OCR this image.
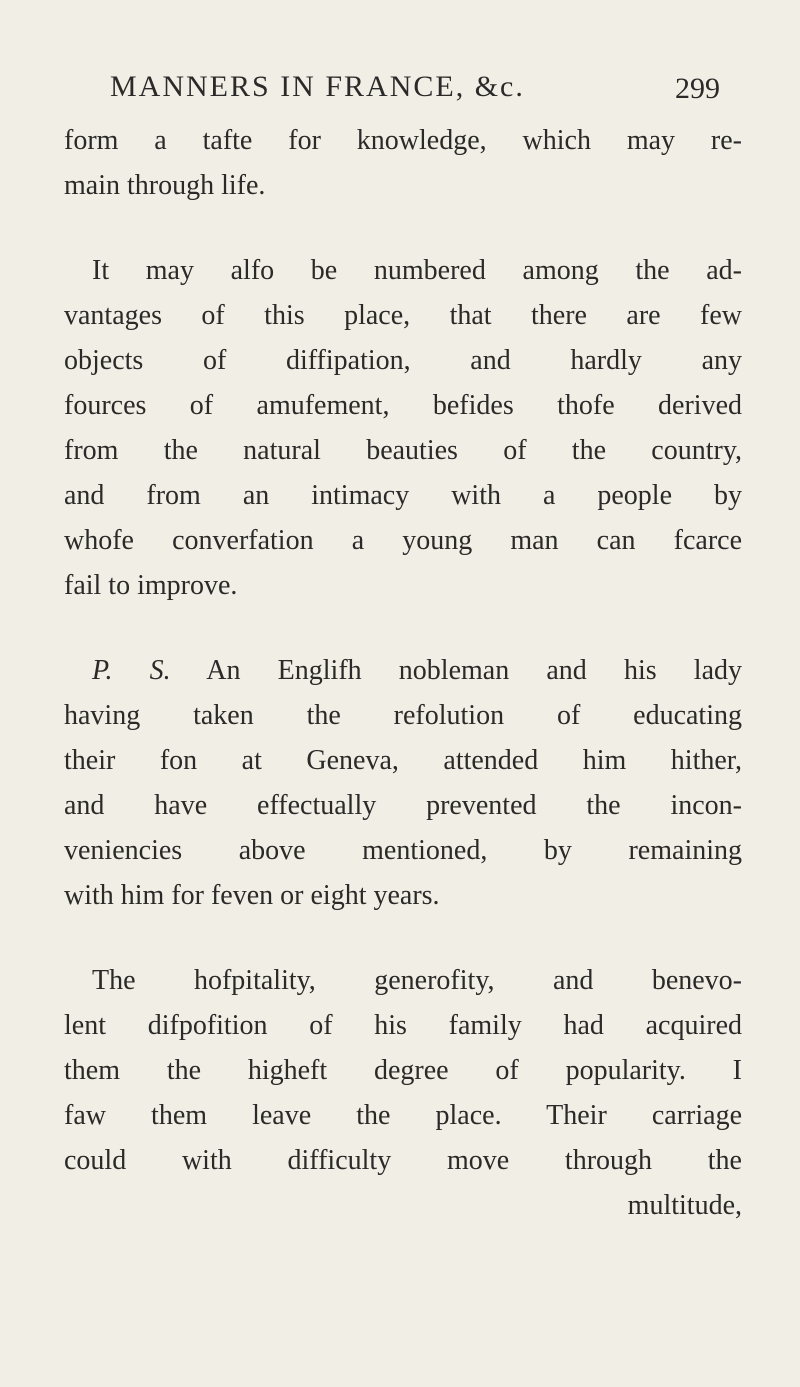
MANNERS IN FRANCE, &c.	299
form a tafte for knowledge, which may re-
main through life.
It may alfo be numbered among the ad-
vantages of this place, that there are few
objects of diffipation, and hardly any
fources of amufement, befides thofe derived
from the natural beauties of the country,
and from an intimacy with a people by
whofe converfation a young man can fcarce
fail to improve.
P. S. An Englifh nobleman and his lady
having taken the refolution of educating
their fon at Geneva, attended him hither,
and have effectually prevented the incon-
veniencies above mentioned, by remaining
with him for feven or eight years.
The hofpitality, generofity, and benevo-
lent difpofition of his family had acquired
them the higheft degree of popularity. I
faw them leave the place. Their carriage
could with difficulty move through the
multitude,
